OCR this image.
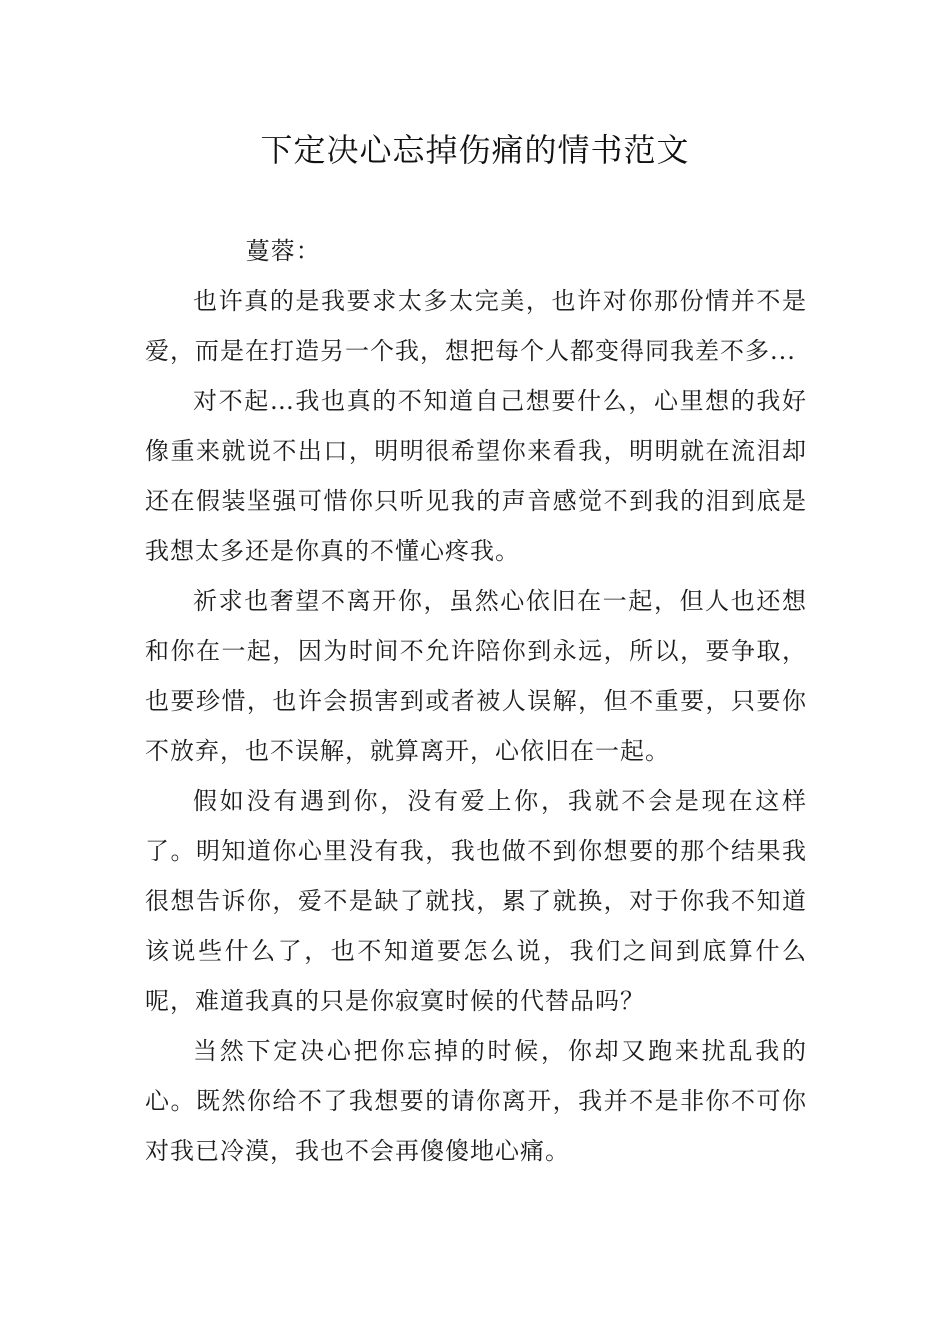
下定决心忘掉伤痛的情书范文

蔓蓉：

也许真的是我要求太多太完美，也许对你那份情并不是爱，而是在打造另一个我，想把每个人都变得同我差不多...

对不起…我也真的不知道自己想要什么，心里想的我好像重来就说不出口，明明很希望你来看我，明明就在流泪却还在假装坚强可惜你只听见我的声音感觉不到我的泪到底是我想太多还是你真的不懂心疼我。

祈求也奢望不离开你，虽然心依旧在一起，但人也还想和你在一起，因为时间不允许陪你到永远，所以，要争取，也要珍惜，也许会损害到或者被人误解，但不重要，只要你不放弃，也不误解，就算离开，心依旧在一起。

假如没有遇到你，没有爱上你，我就不会是现在这样了。明知道你心里没有我，我也做不到你想要的那个结果我很想告诉你，爱不是缺了就找，累了就换，对于你我不知道该说些什么了，也不知道要怎么说，我们之间到底算什么呢，难道我真的只是你寂寞时候的代替品吗？

当然下定决心把你忘掉的时候，你却又跑来扰乱我的心。既然你给不了我想要的请你离开，我并不是非你不可你对我已冷漠，我也不会再傻傻地心痛。
